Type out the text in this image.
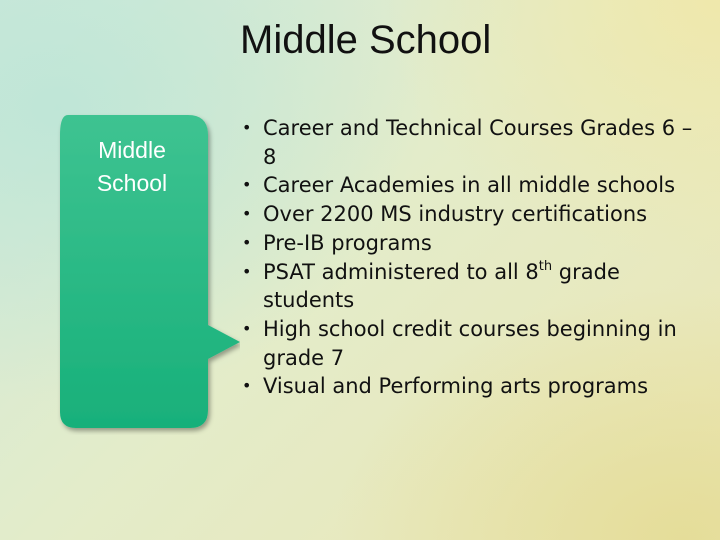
Middle School
Middle School
• Career and Technical Courses Grades 6 – 8
• Career Academies in all middle schools
• Over 2200 MS industry certifications
• Pre-IB programs
• PSAT administered to all 8th grade students
• High school credit courses beginning in grade 7
• Visual and Performing arts programs
